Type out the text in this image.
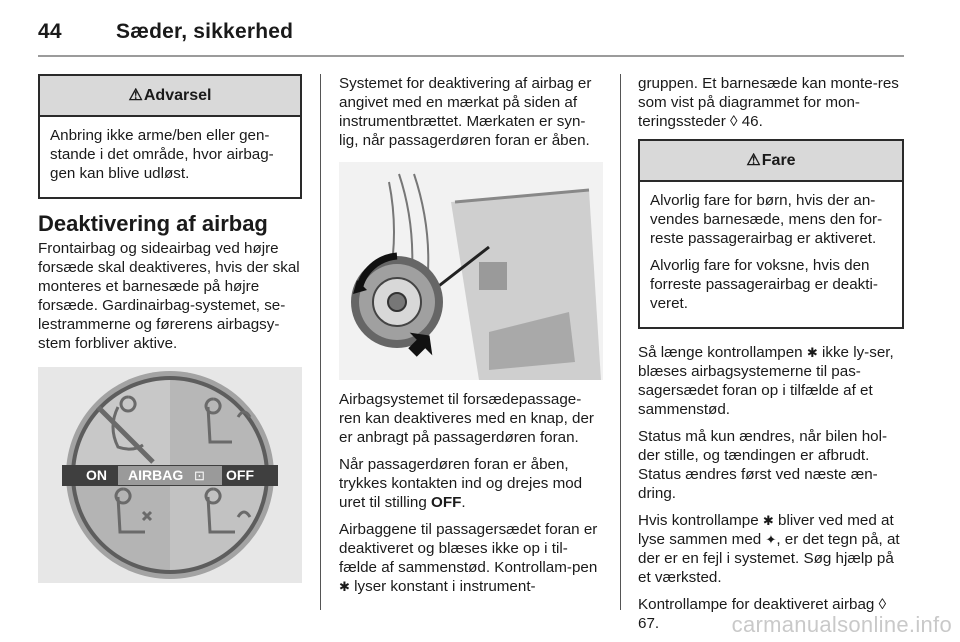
44	Sæder, sikkerhed
⚠ Advarsel

Anbring ikke arme/ben eller gen-stande i det område, hvor airbag-gen kan blive udløst.

Deaktivering af airbag

Frontairbag og sideairbag ved højre forsæde skal deaktiveres, hvis der skal monteres et barnesæde på højre forsæde. Gardinairbag-systemet, se-lestrammerne og førerens airbagsy-stem forbliver aktive.

ON AIRBAG ⊡ OFF

Systemet for deaktivering af airbag er angivet med en mærkat på siden af instrumentbrættet. Mærkaten er syn-lig, når passagerdøren foran er åben.

Airbagsystemet til forsædepassage-ren kan deaktiveres med en knap, der er anbragt på passagerdøren foran.

Når passagerdøren foran er åben, trykkes kontakten ind og drejes mod uret til stilling OFF.

Airbaggene til passagersædet foran er deaktiveret og blæses ikke op i til-fælde af sammenstød. Kontrollam-pen ✱ lyser konstant i instrument-

gruppen. Et barnesæde kan monte-res som vist på diagrammet for mon-teringssteder ◊ 46.

⚠ Fare

Alvorlig fare for børn, hvis der an-vendes barnesæde, mens den for-reste passagerairbag er aktiveret.

Alvorlig fare for voksne, hvis den forreste passagerairbag er deakti-veret.

Så længe kontrollampen ✱ ikke ly-ser, blæses airbagsystemerne til pas-sagersædet foran op i tilfælde af et sammenstød.

Status må kun ændres, når bilen hol-der stille, og tændingen er afbrudt. Status ændres først ved næste æn-dring.

Hvis kontrollampe ✱ bliver ved med at lyse sammen med ✦, er det tegn på, at der er en fejl i systemet. Søg hjælp på et værksted.

Kontrollampe for deaktiveret airbag ◊ 67.	carmanualsonline.info
